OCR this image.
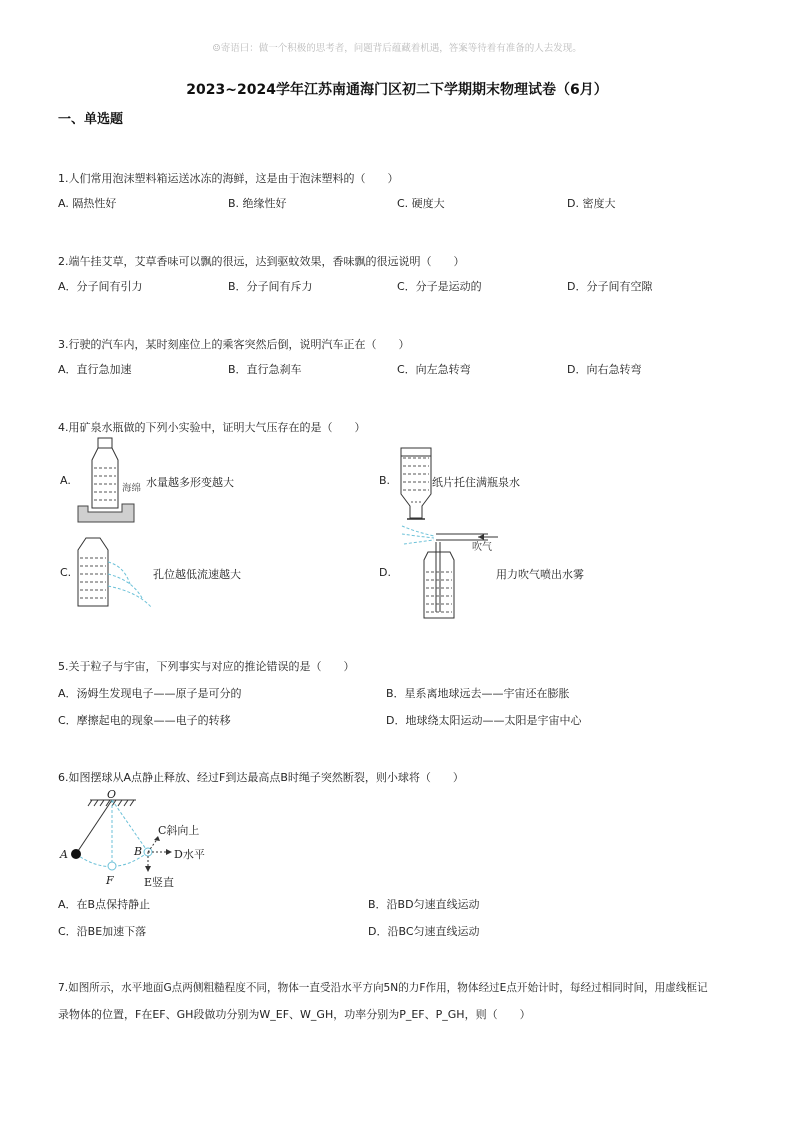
☺寄语曰：做一个积极的思考者，问题背后蕴藏着机遇，答案等待着有准备的人去发现。
2023~2024学年江苏南通海门区初二下学期期末物理试卷（6月）
一、单选题
1.人们常用泡沫塑料箱运送冰冻的海鲜，这是由于泡沫塑料的（　　）
A. 隔热性好	B. 绝缘性好	C. 硬度大	D. 密度大
2.端午挂艾草，艾草香味可以飘的很远，达到驱蚊效果，香味飘的很远说明（　　）
A．分子间有引力	B．分子间有斥力	C．分子是运动的	D．分子间有空隙
3.行驶的汽车内，某时刻座位上的乘客突然后倒，说明汽车正在（　　）
A．直行急加速	B．直行急刹车	C．向左急转弯	D．向右急转弯
4.用矿泉水瓶做的下列小实验中，证明大气压存在的是（　　）
A.
海绵 水量越多形变越大	B.	纸片托住满瓶泉水
C.	孔位越低流速越大	D.
吹气
用力吹气喷出水雾
5.关于粒子与宇宙，下列事实与对应的推论错误的是（　　）
A．汤姆生发现电子——原子是可分的	B．星系离地球远去——宇宙还在膨胀
C．摩擦起电的现象——电子的转移	D．地球绕太阳运动——太阳是宇宙中心
6.如图摆球从A点静止释放、经过F到达最高点B时绳子突然断裂，则小球将（　　）
O
A	B
F
C斜向上
D水平
E竖直
A．在B点保持静止	B．沿BD匀速直线运动
C．沿BE加速下落	D．沿BC匀速直线运动
7.如图所示，水平地面G点两侧粗糙程度不同，物体一直受沿水平方向5N的力F作用，物体经过E点开始计时，每经过相同时间，用虚线框记
录物体的位置，F在EF、GH段做功分别为W_EF、W_GH，功率分别为P_EF、P_GH，则（　　）
